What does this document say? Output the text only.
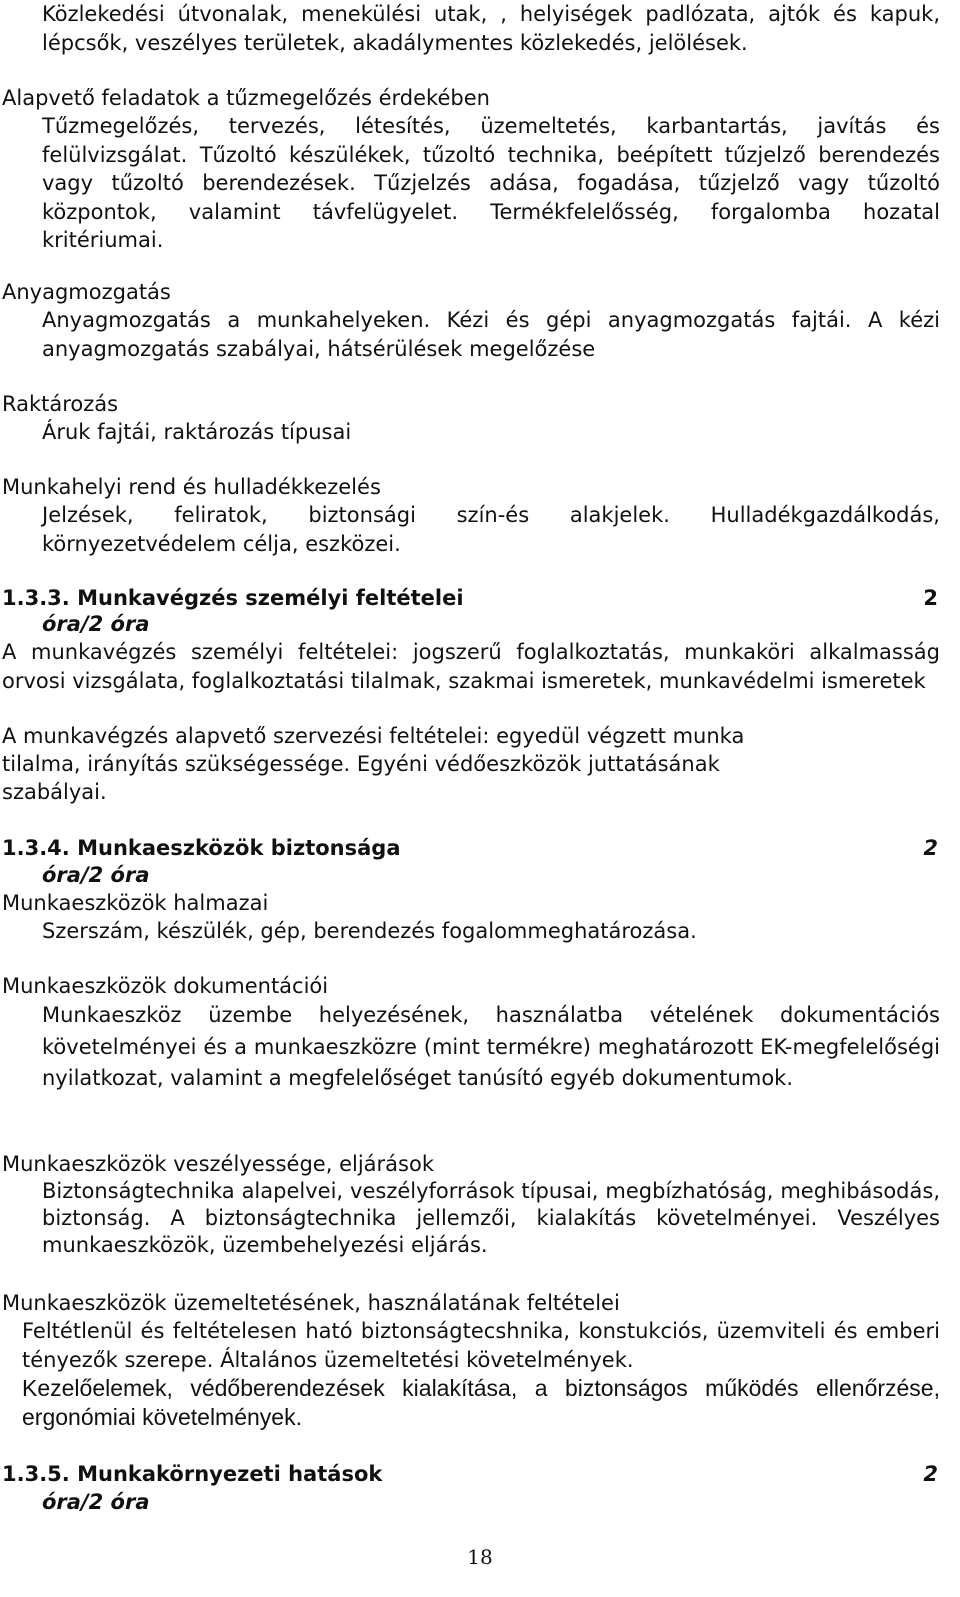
Közlekedési útvonalak, menekülési utak, , helyiségek padlózata, ajtók és kapuk, lépcsők, veszélyes területek, akadálymentes közlekedés, jelölések.

Alapvető feladatok a tűzmegelőzés érdekében

Tűzmegelőzés, tervezés, létesítés, üzemeltetés, karbantartás, javítás és felülvizsgálat. Tűzoltó készülékek, tűzoltó technika, beépített tűzjelző berendezés vagy tűzoltó berendezések. Tűzjelzés adása, fogadása, tűzjelző vagy tűzoltó központok, valamint távfelügyelet. Termékfelelősség, forgalomba hozatal kritériumai.

Anyagmozgatás

Anyagmozgatás a munkahelyeken. Kézi és gépi anyagmozgatás fajtái. A kézi anyagmozgatás szabályai, hátsérülések megelőzése

Raktározás

Áruk fajtái, raktározás típusai

Munkahelyi rend és hulladékkezelés

Jelzések, feliratok, biztonsági szín-és alakjelek. Hulladékgazdálkodás, környezetvédelem célja, eszközei.

1.3.3. Munkavégzés személyi feltételei	2

óra/2 óra

A munkavégzés személyi feltételei: jogszerű foglalkoztatás, munkaköri alkalmasság orvosi vizsgálata, foglalkoztatási tilalmak, szakmai ismeretek, munkavédelmi ismeretek

A munkavégzés alapvető szervezési feltételei: egyedül végzett munka

tilalma, irányítás szükségessége. Egyéni védőeszközök juttatásának

szabályai.

1.3.4. Munkaeszközök biztonsága	2

óra/2 óra

Munkaeszközök halmazai

Szerszám, készülék, gép, berendezés fogalommeghatározása.

Munkaeszközök dokumentációi

Munkaeszköz üzembe helyezésének, használatba vételének dokumentációs követelményei és a munkaeszközre (mint termékre) meghatározott EK-megfelelőségi nyilatkozat, valamint a megfelelőséget tanúsító egyéb dokumentumok.

Munkaeszközök veszélyessége, eljárások

Biztonságtechnika alapelvei, veszélyforrások típusai, megbízhatóság, meghibásodás, biztonság. A biztonságtechnika jellemzői, kialakítás követelményei. Veszélyes munkaeszközök, üzembehelyezési eljárás.

Munkaeszközök üzemeltetésének, használatának feltételei

Feltétlenül és feltételesen ható biztonságtecshnika, konstukciós, üzemviteli és emberi tényezők szerepe. Általános üzemeltetési követelmények.

Kezelőelemek, védőberendezések kialakítása, a biztonságos működés ellenőrzése, ergonómiai követelmények.

1.3.5. Munkakörnyezeti hatások	2

óra/2 óra

18
